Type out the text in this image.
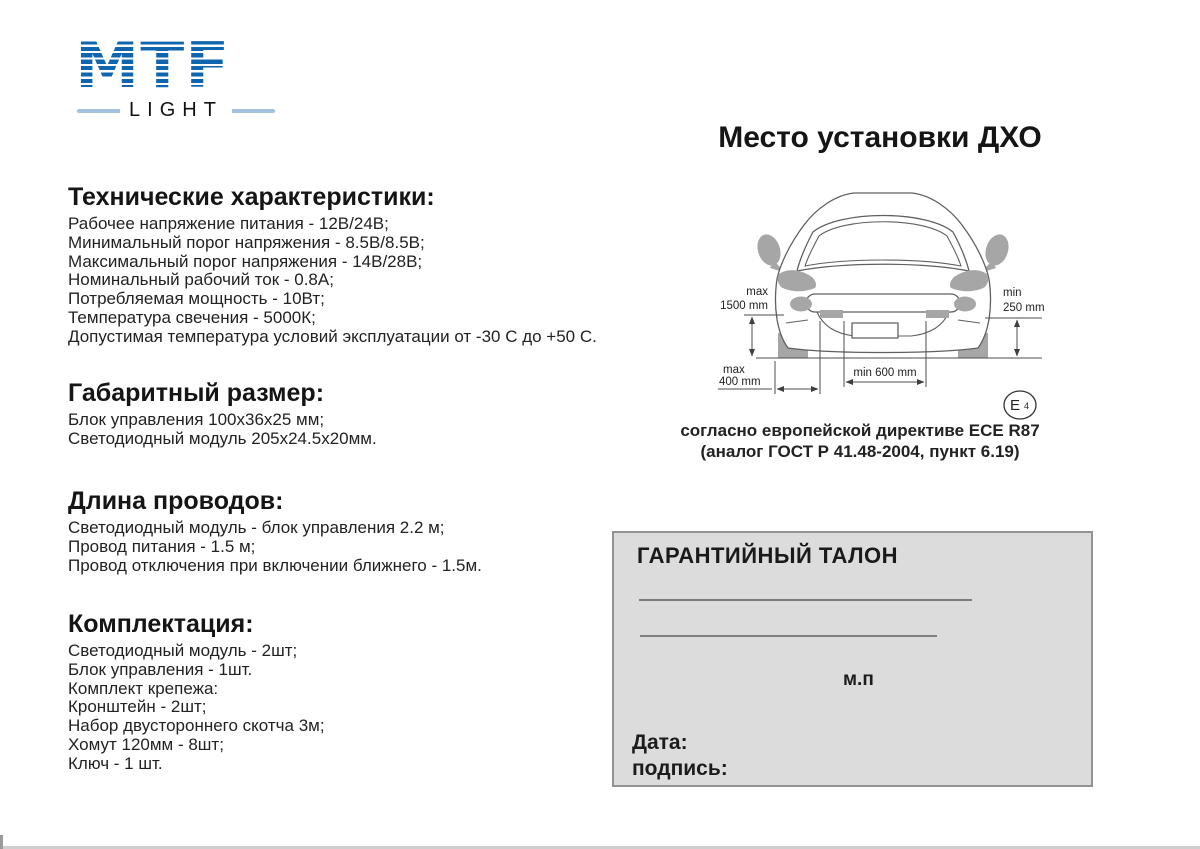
MTF
LIGHT
Технические характеристики:
Рабочее напряжение питания - 12В/24В;
Минимальный порог напряжения - 8.5В/8.5В;
Максимальный порог напряжения - 14В/28В;
Номинальный рабочий ток - 0.8А;
Потребляемая мощность - 10Вт;
Температура свечения - 5000К;
Допустимая температура условий эксплуатации от -30 С до +50 С.
Габаритный размер:
Блок управления 100x36x25 мм;
Светодиодный модуль 205x24.5x20мм.
Длина проводов:
Светодиодный модуль - блок управления 2.2 м;
Провод питания - 1.5 м;
Провод отключения при включении ближнего - 1.5м.
Комплектация:
Светодиодный модуль - 2шт;
Блок управления - 1шт.
Комплект крепежа:
Кронштейн - 2шт;
Набор двустороннего скотча 3м;
Хомут 120мм - 8шт;
Ключ - 1 шт.
Место установки ДХО
max
1500 mm
min
250 mm
max
400 mm
min 600 mm
E 4
согласно европейской директиве ECE R87
(аналог ГОСТ Р 41.48-2004, пункт 6.19)
ГАРАНТИЙНЫЙ ТАЛОН
м.п
Дата:
подпись:
